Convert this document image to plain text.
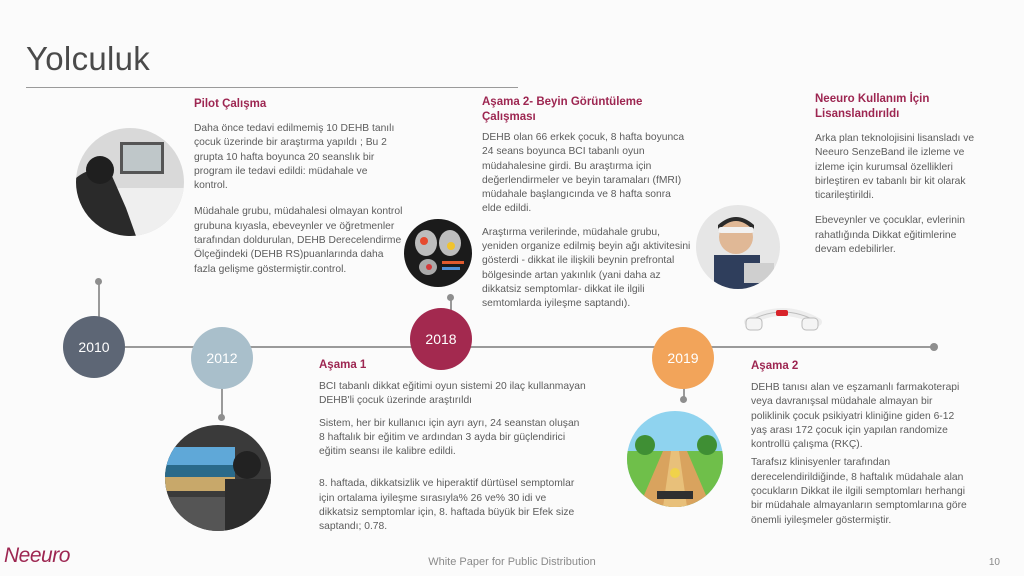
Yolculuk
2010
2012
2018
2019
Pilot Çalışma

Daha önce tedavi edilmemiş 10 DEHB tanılı çocuk üzerinde bir araştırma yapıldı ; Bu 2 grupta 10 hafta boyunca 20 seanslık bir program ile tedavi edildi: müdahale ve kontrol.

Müdahale grubu, müdahalesi olmayan kontrol grubuna kıyasla, ebeveynler ve öğretmenler tarafından doldurulan, DEHB Derecelendirme Ölçeğindeki (DEHB RS)puanlarında daha fazla gelişme göstermiştir.control.

Aşama 1

BCI tabanlı dikkat eğitimi oyun sistemi 20 ilaç kullanmayan DEHB'li çocuk üzerinde araştırıldı

Sistem, her bir kullanıcı için ayrı ayrı, 24 seanstan oluşan 8 haftalık bir eğitim ve ardından 3 ayda bir güçlendirici eğitim seansı ile kalibre edildi.

8. haftada, dikkatsizlik ve hiperaktif dürtüsel semptomlar için ortalama iyileşme sırasıyla% 26 ve% 30 idi ve dikkatsiz semptomlar için, 8. haftada büyük bir Efek size saptandı; 0.78.

Aşama 2- Beyin Görüntüleme Çalışması

DEHB olan 66 erkek çocuk, 8 hafta boyunca 24 seans boyunca BCI tabanlı oyun müdahalesine girdi. Bu araştırma için değerlendirmeler ve beyin taramaları (fMRI) müdahale başlangıcında ve 8 hafta sonra elde edildi.

Araştırma verilerinde, müdahale grubu, yeniden organize edilmiş beyin ağı aktivitesini gösterdi - dikkat ile ilişkili beynin prefrontal bölgesinde artan yakınlık (yani daha az dikkatsiz semptomlar- dikkat ile ilgili semtomlarda iyileşme saptandı).

Aşama 2

DEHB tanısı alan ve eşzamanlı farmakoterapi veya davranışsal müdahale almayan bir poliklinik çocuk psikiyatri kliniğine giden 6-12 yaş arası 172 çocuk için yapılan randomize kontrollü çalışma (RKÇ).

Tarafsız klinisyenler tarafından derecelendirildiğinde, 8 haftalık müdahale alan çocukların Dikkat ile ilgili semptomları herhangi bir müdahale almayanların semptomlarına göre önemli iyileşmeler göstermiştir.

Neeuro Kullanım İçin Lisanslandırıldı

Arka plan teknolojisini lisansladı ve Neeuro SenzeBand ile izleme ve izleme için kurumsal özellikleri birleştiren ev tabanlı bir kit olarak ticarileştirildi.

Ebeveynler ve çocuklar, evlerinin rahatlığında Dikkat eğitimlerine devam edebilirler.

Neeuro	White Paper for Public Distribution	10
